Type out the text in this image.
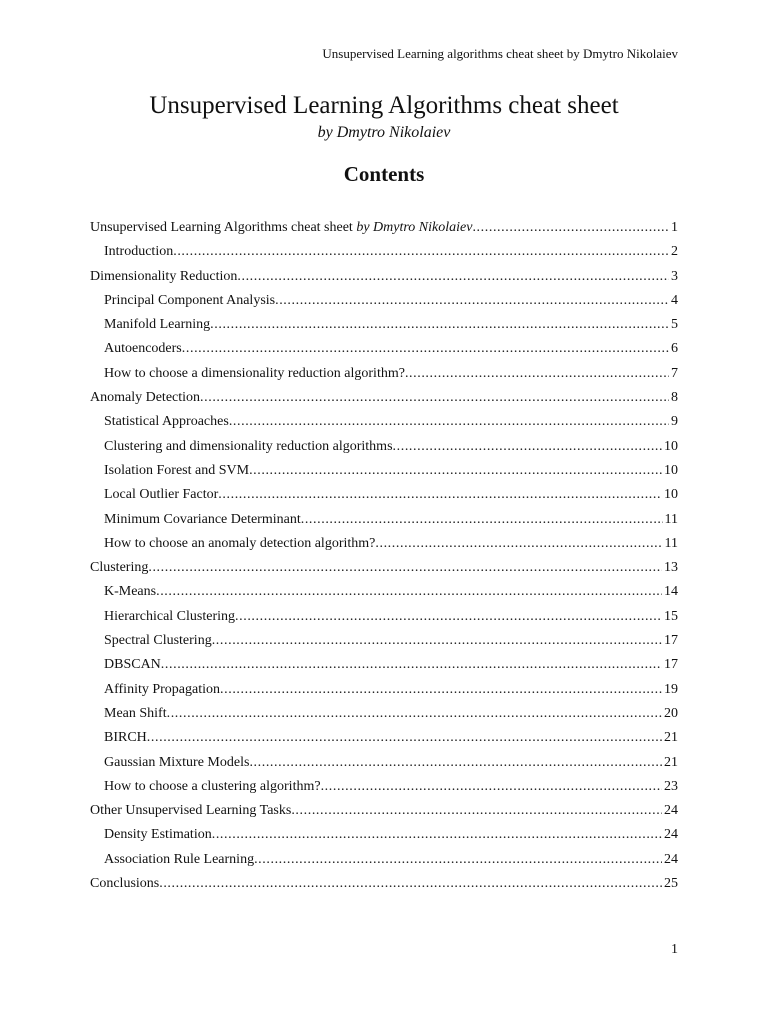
Unsupervised Learning algorithms cheat sheet by Dmytro Nikolaiev
Unsupervised Learning Algorithms cheat sheet
by Dmytro Nikolaiev
Contents
Unsupervised Learning Algorithms cheat sheet by Dmytro Nikolaiev .....	1
Introduction .....	2
Dimensionality Reduction .....	3
Principal Component Analysis .....	4
Manifold Learning .....	5
Autoencoders .....	6
How to choose a dimensionality reduction algorithm? .....	7
Anomaly Detection .....	8
Statistical Approaches .....	9
Clustering and dimensionality reduction algorithms .....	10
Isolation Forest and SVM .....	10
Local Outlier Factor .....	10
Minimum Covariance Determinant .....	11
How to choose an anomaly detection algorithm? .....	11
Clustering .....	13
K-Means .....	14
Hierarchical Clustering .....	15
Spectral Clustering .....	17
DBSCAN .....	17
Affinity Propagation .....	19
Mean Shift .....	20
BIRCH .....	21
Gaussian Mixture Models .....	21
How to choose a clustering algorithm? .....	23
Other Unsupervised Learning Tasks .....	24
Density Estimation .....	24
Association Rule Learning .....	24
Conclusions .....	25
1
